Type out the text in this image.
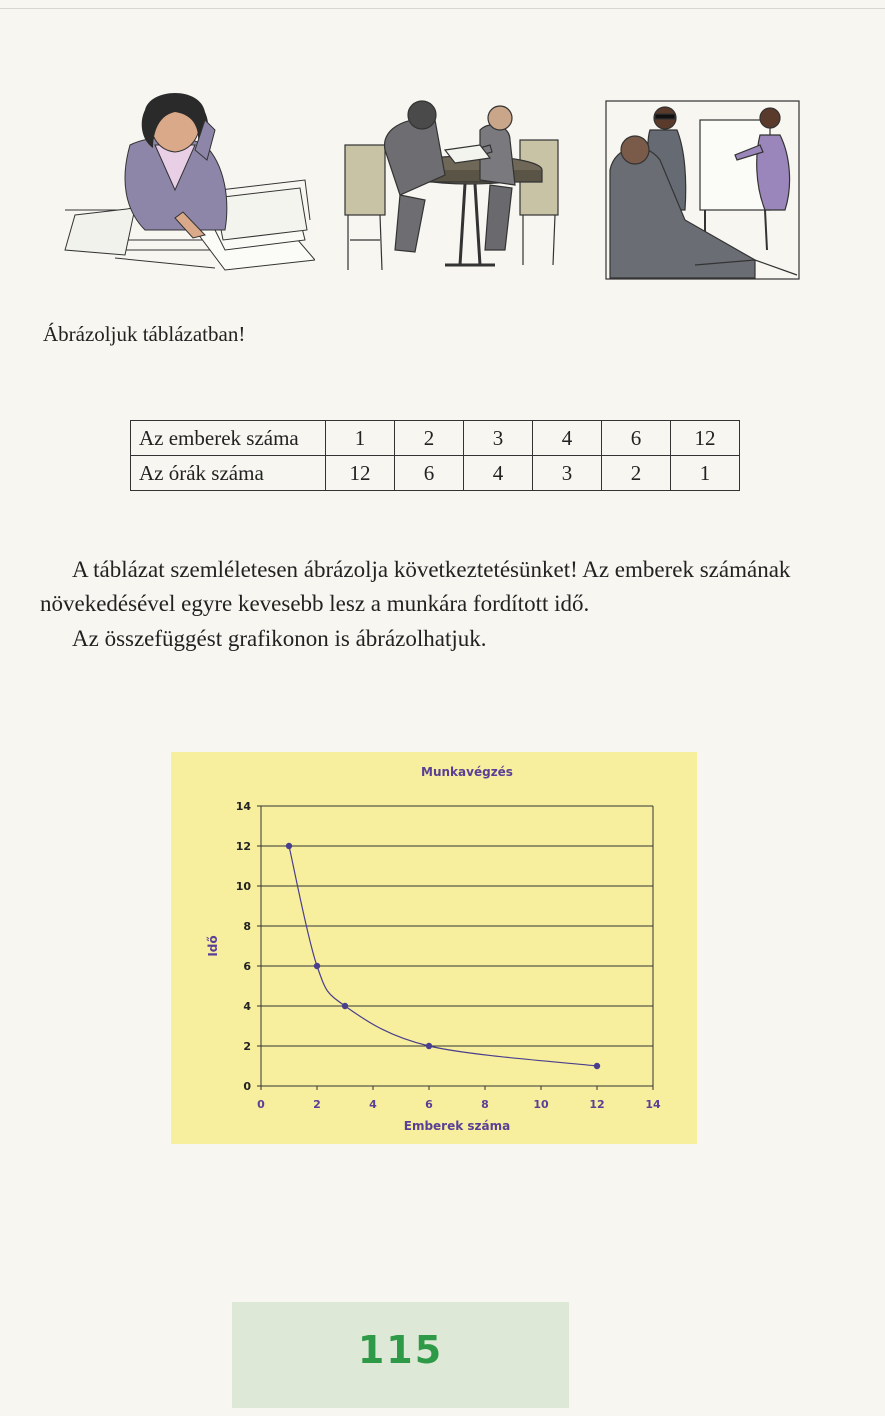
Ábrázoljuk táblázatban!
Az emberek száma	1	2	3	4	6	12
Az órák száma	12	6	4	3	2	1
A táblázat szemléletesen ábrázolja következtetésünket! Az emberek számának növekedésével egyre kevesebb lesz a munkára fordított idő.
Az összefüggést grafikonon is ábrázolhatjuk.
0
2
4
6
8
10
12
14
0	2	4	6	8	10	12	14
Munkavégzés
Emberek száma
Idő
115
